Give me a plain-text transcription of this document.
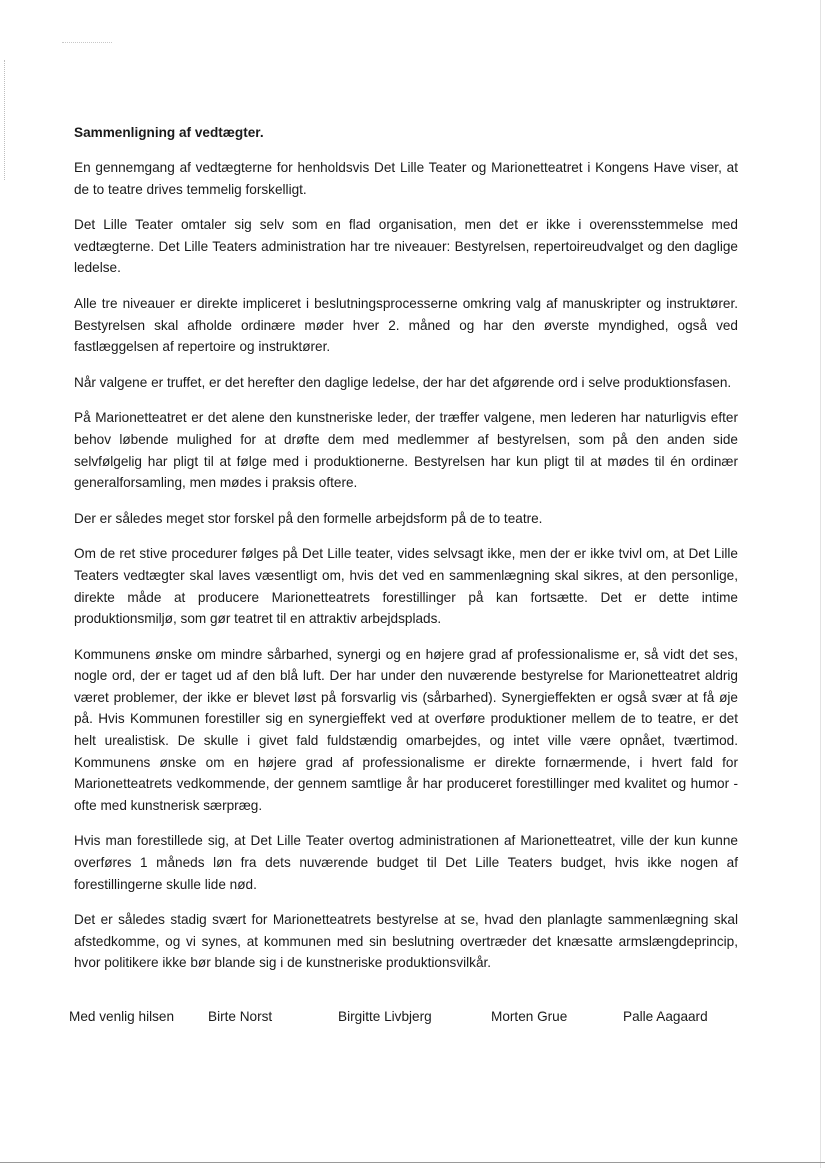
Sammenligning af vedtægter.

En gennemgang af vedtægterne for henholdsvis Det Lille Teater og Marionetteatret i Kongens Have viser, at de to teatre drives temmelig forskelligt.

Det Lille Teater omtaler sig selv som en flad organisation, men det er ikke i overensstemmelse med vedtægterne. Det Lille Teaters administration har tre niveauer: Bestyrelsen, repertoireudvalget og den daglige ledelse.

Alle tre niveauer er direkte impliceret i beslutningsprocesserne omkring valg af manuskripter og instruktører. Bestyrelsen skal afholde ordinære møder hver 2. måned og har den øverste myndighed, også ved fastlæggelsen af repertoire og instruktører.

Når valgene er truffet, er det herefter den daglige ledelse, der har det afgørende ord i selve produktionsfasen.

På Marionetteatret er det alene den kunstneriske leder, der træffer valgene, men lederen har naturligvis efter behov løbende mulighed for at drøfte dem med medlemmer af bestyrelsen, som på den anden side selvfølgelig har pligt til at følge med i produktionerne. Bestyrelsen har kun pligt til at mødes til én ordinær generalforsamling, men mødes i praksis oftere.

Der er således meget stor forskel på den formelle arbejdsform på de to teatre.

Om de ret stive procedurer følges på Det Lille teater, vides selvsagt ikke, men der er ikke tvivl om, at Det Lille Teaters vedtægter skal laves væsentligt om, hvis det ved en sammenlægning skal sikres, at den personlige, direkte måde at producere Marionetteatrets forestillinger på kan fortsætte. Det er dette intime produktionsmiljø, som gør teatret til en attraktiv arbejdsplads.

Kommunens ønske om mindre sårbarhed, synergi og en højere grad af professionalisme er, så vidt det ses, nogle ord, der er taget ud af den blå luft. Der har under den nuværende bestyrelse for Marionetteatret aldrig været problemer, der ikke er blevet løst på forsvarlig vis (sårbarhed). Synergieffekten er også svær at få øje på. Hvis Kommunen forestiller sig en synergieffekt ved at overføre produktioner mellem de to teatre, er det helt urealistisk. De skulle i givet fald fuldstændig omarbejdes, og intet ville være opnået, tværtimod. Kommunens ønske om en højere grad af professionalisme er direkte fornærmende, i hvert fald for Marionetteatrets vedkommende, der gennem samtlige år har produceret forestillinger med kvalitet og humor - ofte med kunstnerisk særpræg.

Hvis man forestillede sig, at Det Lille Teater overtog administrationen af Marionetteatret, ville der kun kunne overføres 1 måneds løn fra dets nuværende budget til Det Lille Teaters budget, hvis ikke nogen af forestillingerne skulle lide nød.

Det er således stadig svært for Marionetteatrets bestyrelse at se, hvad den planlagte sammenlægning skal afstedkomme, og vi synes, at kommunen med sin beslutning overtræder det knæsatte armslængdeprincip, hvor politikere ikke bør blande sig i de kunstneriske produktionsvilkår.

Med venlig hilsen Birte Norst	Birgitte Livbjerg	Morten Grue	Palle Aagaard
